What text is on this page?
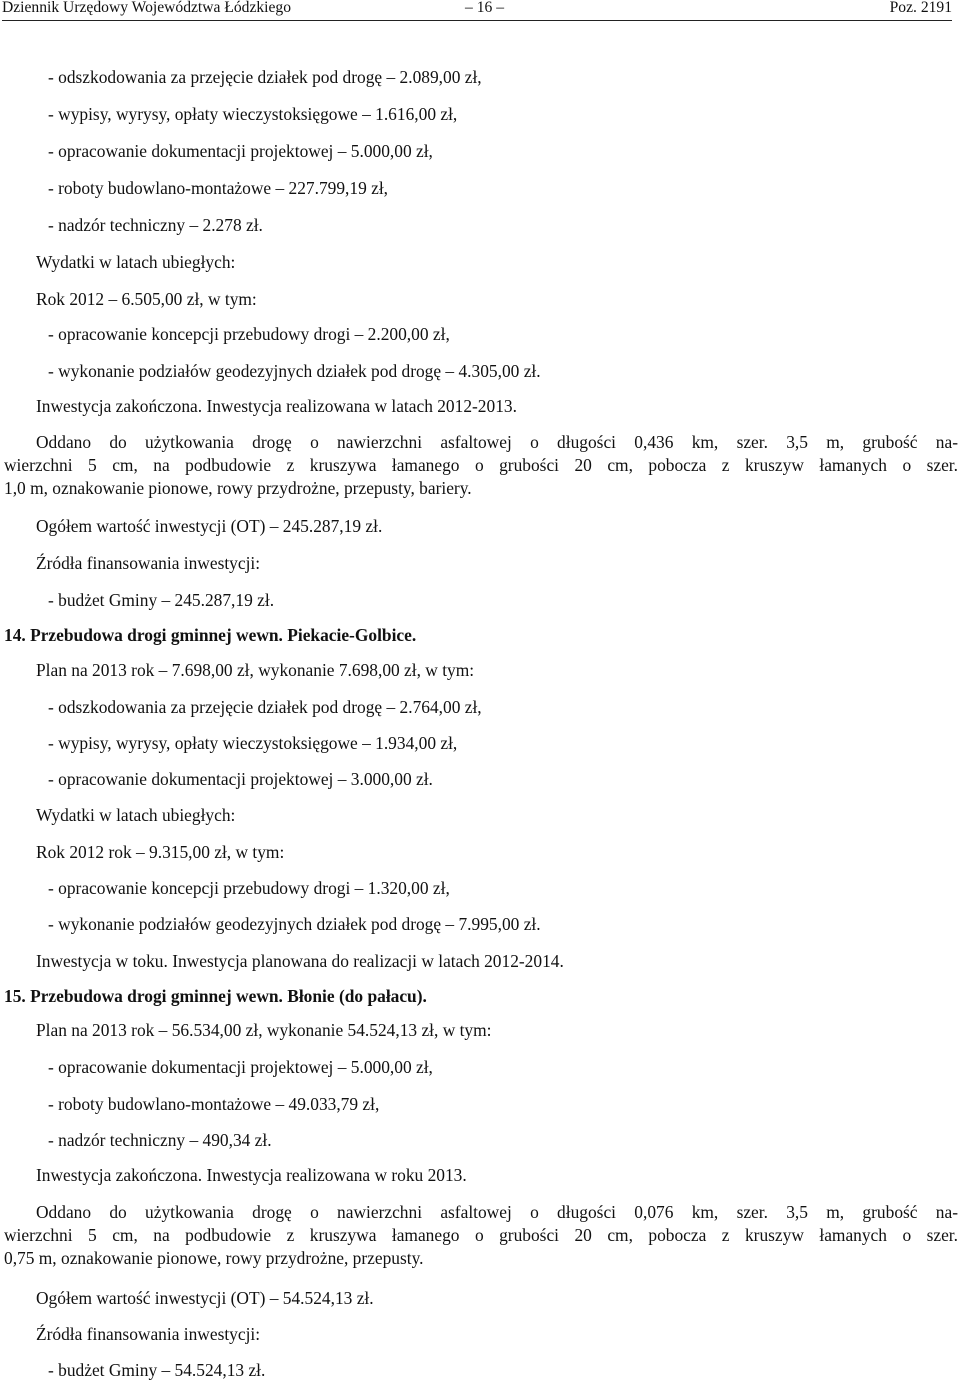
Dziennik Urzędowy Województwa Łódzkiego	– 16 –	Poz. 2191
- odszkodowania za przejęcie działek pod drogę – 2.089,00 zł,
- wypisy, wyrysy, opłaty wieczystoksięgowe – 1.616,00 zł,
- opracowanie dokumentacji projektowej – 5.000,00 zł,
- roboty budowlano-montażowe – 227.799,19 zł,
- nadzór techniczny – 2.278 zł.
Wydatki w latach ubiegłych:
Rok 2012 – 6.505,00 zł, w tym:
- opracowanie koncepcji przebudowy drogi – 2.200,00 zł,
- wykonanie podziałów geodezyjnych działek pod drogę – 4.305,00 zł.
Inwestycja zakończona. Inwestycja realizowana w latach 2012-2013.
Oddano do użytkowania drogę o nawierzchni asfaltowej o długości 0,436 km, szer. 3,5 m, grubość na-
wierzchni 5 cm, na podbudowie z kruszywa łamanego o grubości 20 cm, pobocza z kruszyw łamanych o szer.
1,0 m, oznakowanie pionowe, rowy przydrożne, przepusty, bariery.
Ogółem wartość inwestycji (OT) – 245.287,19 zł.
Źródła finansowania inwestycji:
- budżet Gminy – 245.287,19 zł.
14. Przebudowa drogi gminnej wewn. Piekacie-Golbice.
Plan na 2013 rok – 7.698,00 zł, wykonanie 7.698,00 zł, w tym:
- odszkodowania za przejęcie działek pod drogę – 2.764,00 zł,
- wypisy, wyrysy, opłaty wieczystoksięgowe – 1.934,00 zł,
- opracowanie dokumentacji projektowej – 3.000,00 zł.
Wydatki w latach ubiegłych:
Rok 2012 rok – 9.315,00 zł, w tym:
- opracowanie koncepcji przebudowy drogi – 1.320,00 zł,
- wykonanie podziałów geodezyjnych działek pod drogę – 7.995,00 zł.
Inwestycja w toku. Inwestycja planowana do realizacji w latach 2012-2014.
15. Przebudowa drogi gminnej wewn. Błonie (do pałacu).
Plan na 2013 rok – 56.534,00 zł, wykonanie 54.524,13 zł, w tym:
- opracowanie dokumentacji projektowej – 5.000,00 zł,
- roboty budowlano-montażowe – 49.033,79 zł,
- nadzór techniczny – 490,34 zł.
Inwestycja zakończona. Inwestycja realizowana w roku 2013.
Oddano do użytkowania drogę o nawierzchni asfaltowej o długości 0,076 km, szer. 3,5 m, grubość na-
wierzchni 5 cm, na podbudowie z kruszywa łamanego o grubości 20 cm, pobocza z kruszyw łamanych o szer.
0,75 m, oznakowanie pionowe, rowy przydrożne, przepusty.
Ogółem wartość inwestycji (OT) – 54.524,13 zł.
Źródła finansowania inwestycji:
- budżet Gminy – 54.524,13 zł.
